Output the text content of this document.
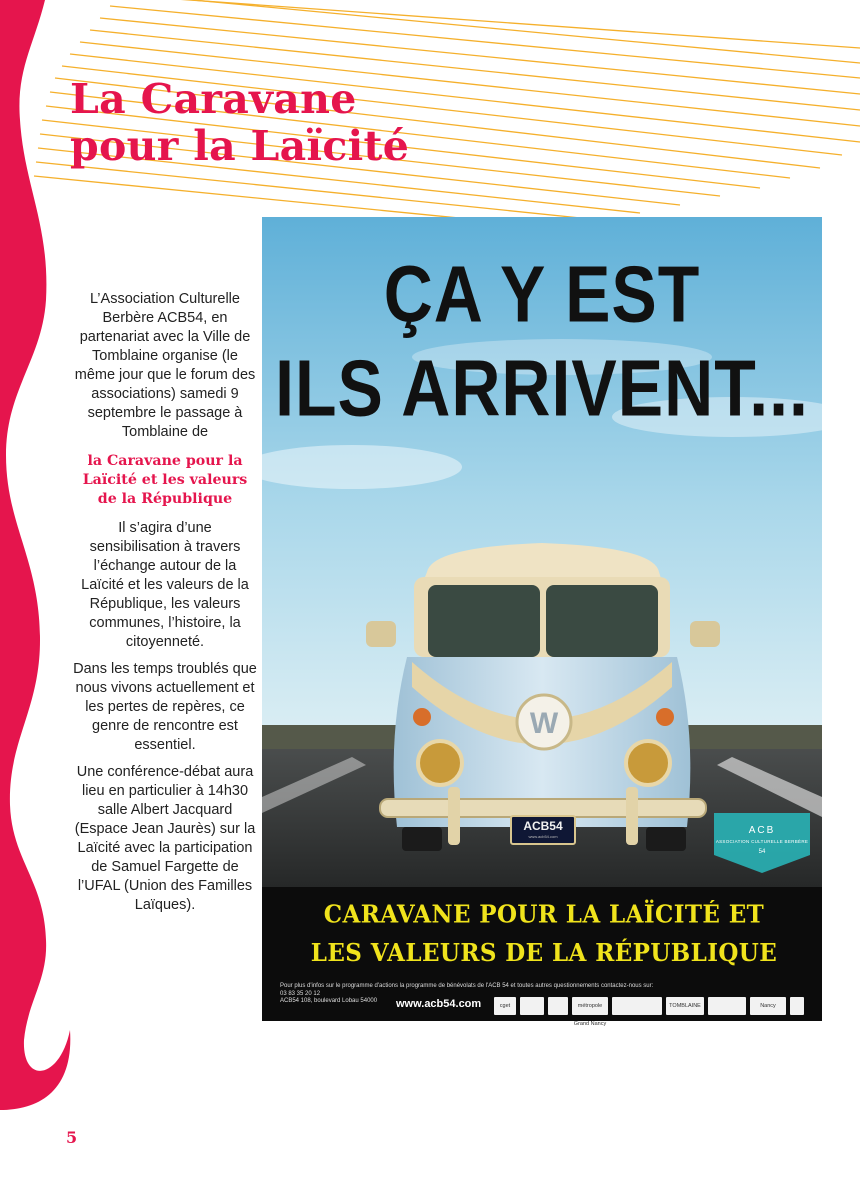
La Caravane
pour la Laïcité

L’Association Culturelle Berbère ACB54, en partenariat avec la Ville de Tomblaine organise (le même jour que le forum des associations) samedi 9 septembre le passage à Tomblaine de

la Caravane pour la Laïcité et les valeurs de la République

Il s’agira d’une sensibilisation à travers l’échange autour de la Laïcité et les valeurs de la République, les valeurs communes, l’histoire, la citoyenneté.

Dans les temps troublés que nous vivons actuellement et les pertes de repères, ce genre de rencontre est essentiel.

Une conférence-débat aura lieu en particulier à 14h30 salle Albert Jacquard (Espace Jean Jaurès) sur la Laïcité avec la participation de Samuel Fargette de l’UFAL (Union des Familles Laïques).

5
W
ÇA Y EST
ILS ARRIVENT...
ACB54
www.acb54.com
ACB
ASSOCIATION CULTURELLE BERBÈRE
54
CARAVANE POUR LA LAÏCITÉ ET
LES VALEURS DE LA RÉPUBLIQUE
Pour plus d'infos sur le programme d'actions la programme de bénévolats de l'ACB 54 et toutes autres questionnements contactez-nous sur:
03 83 35 20 12
ACB54 108, boulevard Lobau 54000	www.acb54.com	cget	métropole Grand Nancy
TOMBLAINE	Nancy
